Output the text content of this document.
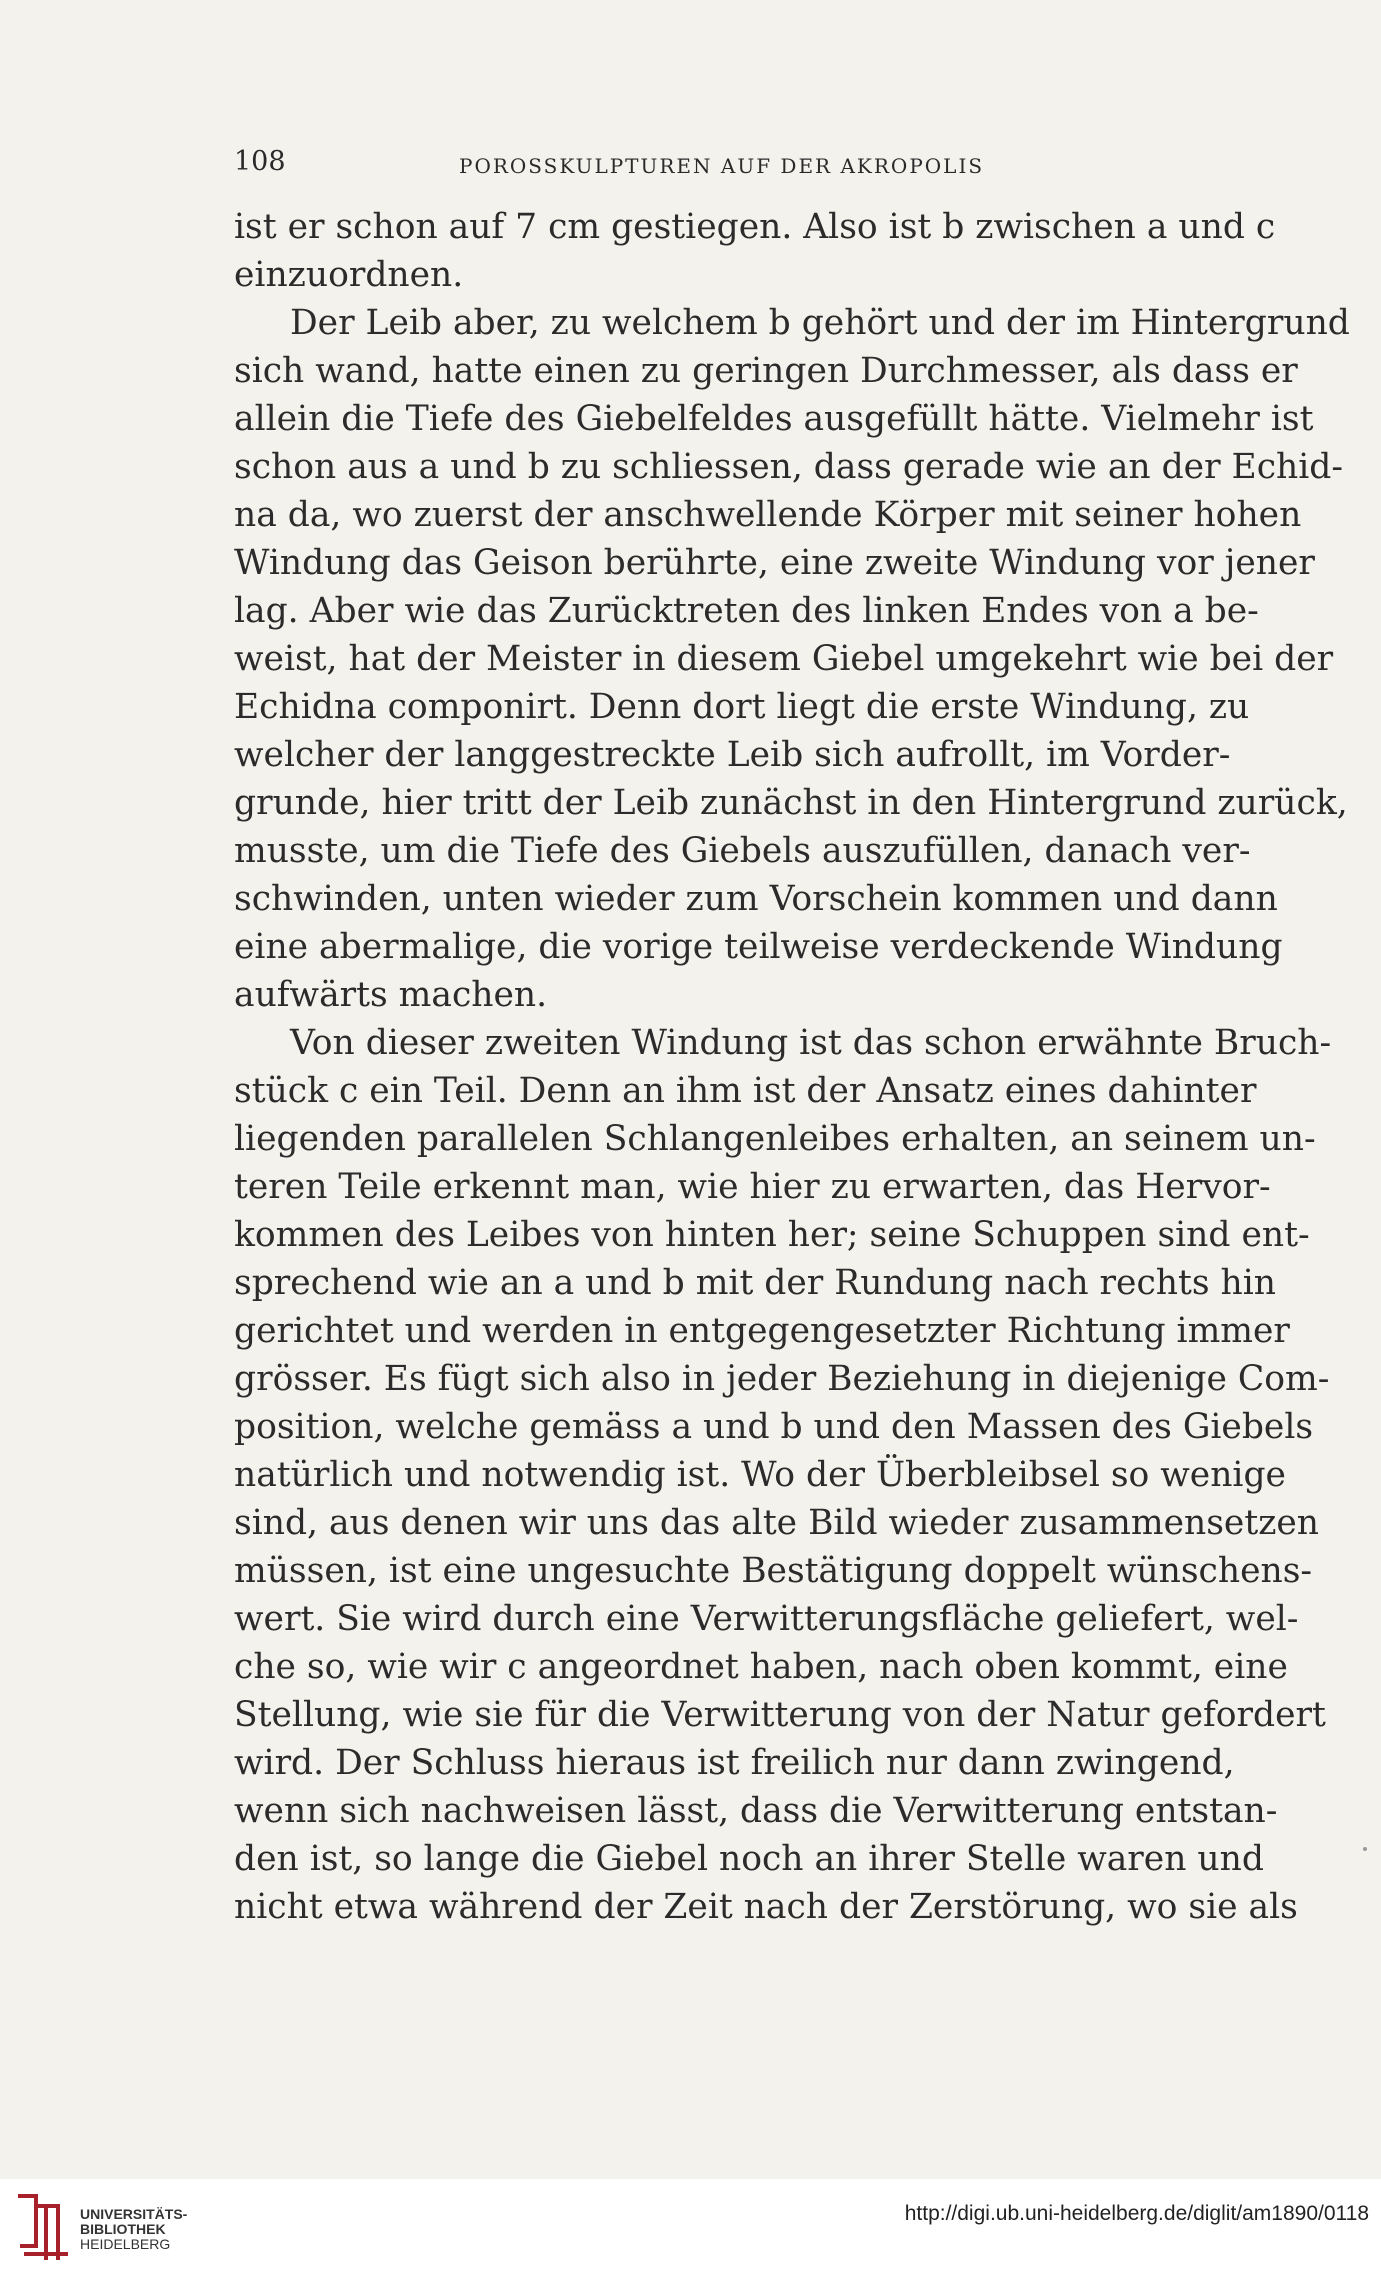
108	POROSSKULPTUREN AUF DER AKROPOLIS
ist er schon auf 7 cm gestiegen. Also ist b zwischen a und c
einzuordnen.
Der Leib aber, zu welchem b gehört und der im Hintergrund
sich wand, hatte einen zu geringen Durchmesser, als dass er
allein die Tiefe des Giebelfeldes ausgefüllt hätte. Vielmehr ist
schon aus a und b zu schliessen, dass gerade wie an der Echid-
na da, wo zuerst der anschwellende Körper mit seiner hohen
Windung das Geison berührte, eine zweite Windung vor jener
lag. Aber wie das Zurücktreten des linken Endes von a be-
weist, hat der Meister in diesem Giebel umgekehrt wie bei der
Echidna componirt. Denn dort liegt die erste Windung, zu
welcher der langgestreckte Leib sich aufrollt, im Vorder-
grunde, hier tritt der Leib zunächst in den Hintergrund zurück,
musste, um die Tiefe des Giebels auszufüllen, danach ver-
schwinden, unten wieder zum Vorschein kommen und dann
eine abermalige, die vorige teilweise verdeckende Windung
aufwärts machen.
Von dieser zweiten Windung ist das schon erwähnte Bruch-
stück c ein Teil. Denn an ihm ist der Ansatz eines dahinter
liegenden parallelen Schlangenleibes erhalten, an seinem un-
teren Teile erkennt man, wie hier zu erwarten, das Hervor-
kommen des Leibes von hinten her; seine Schuppen sind ent-
sprechend wie an a und b mit der Rundung nach rechts hin
gerichtet und werden in entgegengesetzter Richtung immer
grösser. Es fügt sich also in jeder Beziehung in diejenige Com-
position, welche gemäss a und b und den Massen des Giebels
natürlich und notwendig ist. Wo der Überbleibsel so wenige
sind, aus denen wir uns das alte Bild wieder zusammensetzen
müssen, ist eine ungesuchte Bestätigung doppelt wünschens-
wert. Sie wird durch eine Verwitterungsfläche geliefert, wel-
che so, wie wir c angeordnet haben, nach oben kommt, eine
Stellung, wie sie für die Verwitterung von der Natur gefordert
wird. Der Schluss hieraus ist freilich nur dann zwingend,
wenn sich nachweisen lässt, dass die Verwitterung entstan-
den ist, so lange die Giebel noch an ihrer Stelle waren und
nicht etwa während der Zeit nach der Zerstörung, wo sie als
UNIVERSITÄTS-
BIBLIOTHEK
HEIDELBERG
http://digi.ub.uni-heidelberg.de/diglit/am1890/0118
